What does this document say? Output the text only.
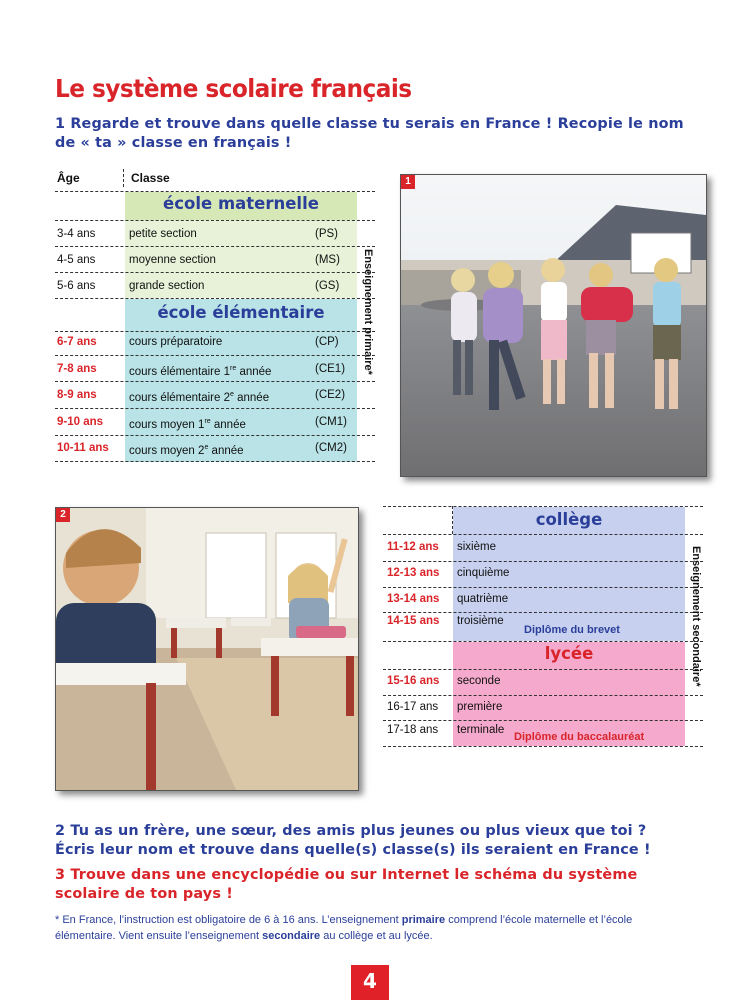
Le système scolaire français

1 Regarde et trouve dans quelle classe tu serais en France ! Recopie le nom de « ta » classe en français !

Âge	Classe
école maternelle
3-4 ans	petite section	(PS)
4-5 ans	moyenne section	(MS)
5-6 ans	grande section	(GS)
école élémentaire
6-7 ans	cours préparatoire	(CP)
7-8 ans	cours élémentaire 1re année	(CE1)
8-9 ans	cours élémentaire 2e année	(CE2)
9-10 ans cours moyen 1re année	(CM1)
10-11 ans cours moyen 2e année	(CM2)
Enseignement primaire*
1
2	collège
11-12 ans sixième
12-13 ans cinquième
13-14 ans quatrième
14-15 ans troisième
Diplôme du brevet
lycée
15-16 ans seconde
16-17 ans première
17-18 ans terminale
Diplôme du baccalauréat
Enseignement secondaire*

2 Tu as un frère, une sœur, des amis plus jeunes ou plus vieux que toi ?
Écris leur nom et trouve dans quelle(s) classe(s) ils seraient en France !

3 Trouve dans une encyclopédie ou sur Internet le schéma du système scolaire de ton pays !

* En France, l’instruction est obligatoire de 6 à 16 ans. L’enseignement primaire comprend l’école maternelle et l’école élémentaire. Vient ensuite l’enseignement secondaire au collège et au lycée.

4
